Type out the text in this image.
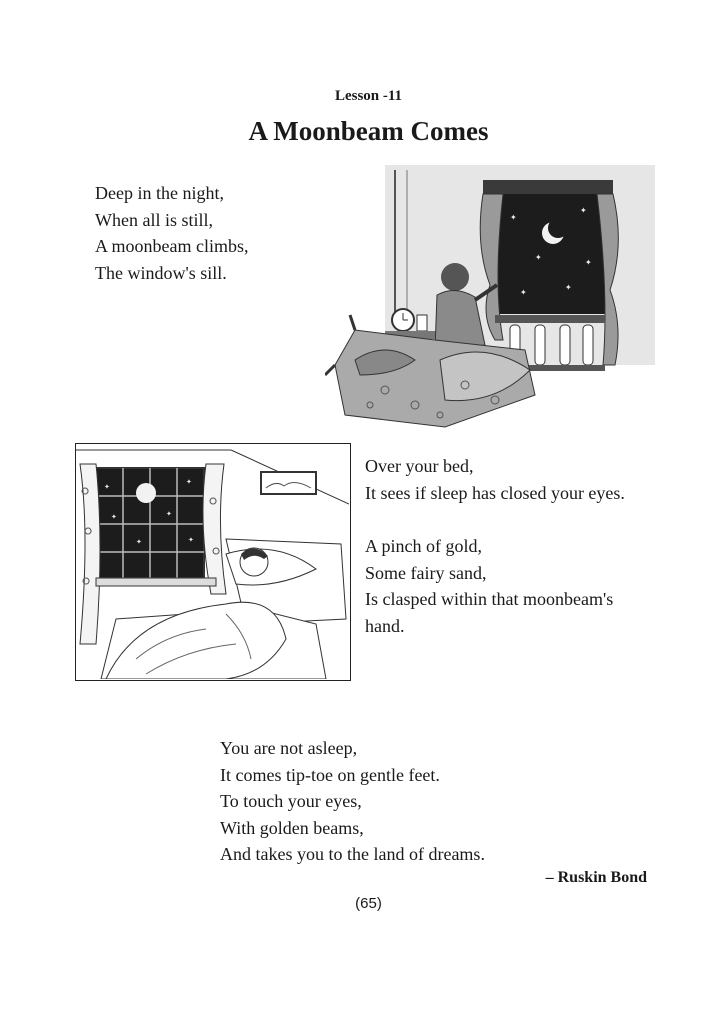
Lesson -11
A Moonbeam Comes
Deep in the night,
When all is still,
A moonbeam climbs,
The window's sill.
✦
✦
✦
✦
✦
✦
✦
✦
✦	✦
✦	✦
Over your bed,
It sees if sleep has closed your eyes.
A pinch of gold,
Some fairy sand,
Is clasped within that moonbeam's
hand.
You are not asleep,
It comes tip-toe on gentle feet.
To touch your eyes,
With golden beams,
And takes you to the land of dreams.
– Ruskin Bond
(65)
